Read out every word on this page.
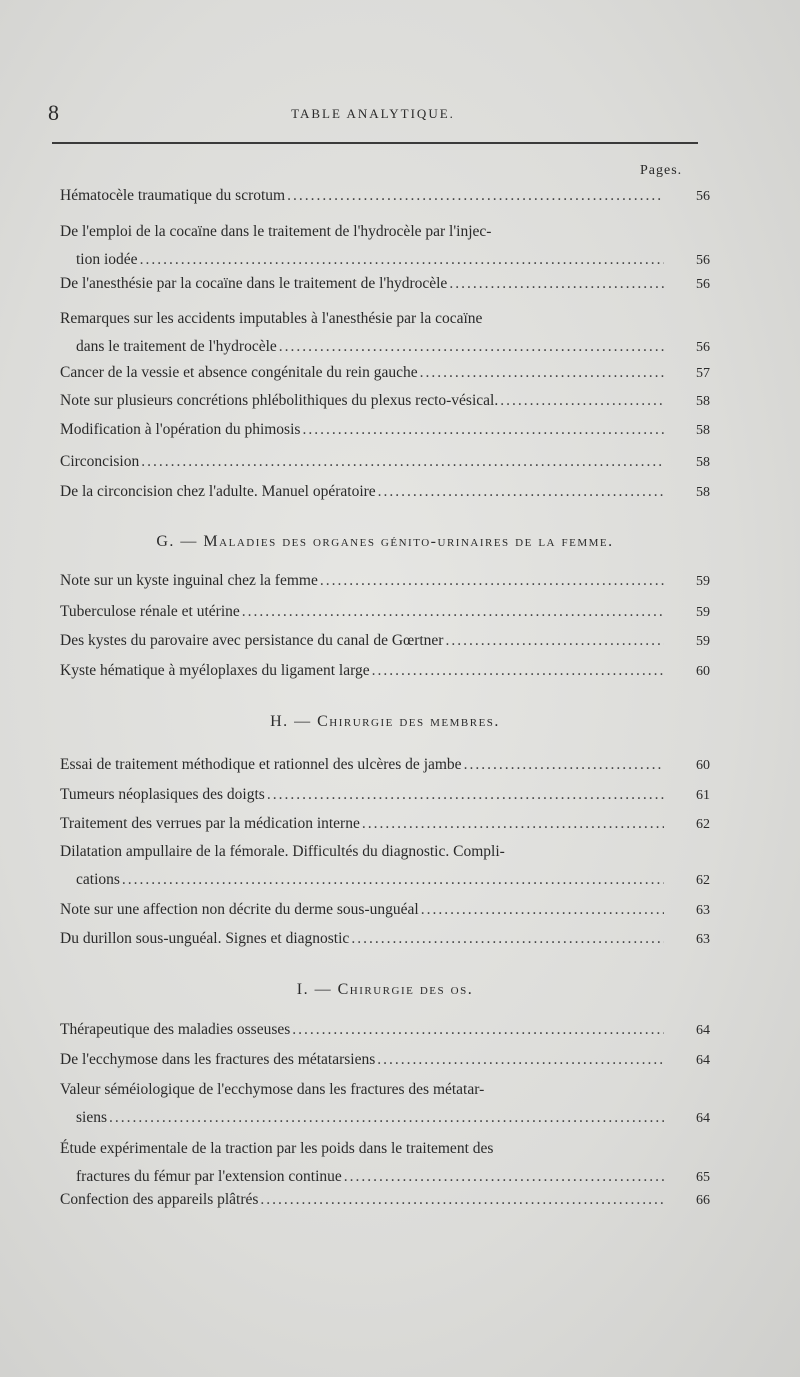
8	TABLE ANALYTIQUE.
Pages.
Hématocèle traumatique du scrotum .....	56
De l'emploi de la cocaïne dans le traitement de l'hydrocèle par l'injec-
tion iodée .....	56
De l'anesthésie par la cocaïne dans le traitement de l'hydrocèle .....	56
Remarques sur les accidents imputables à l'anesthésie par la cocaïne
dans le traitement de l'hydrocèle .....	56
Cancer de la vessie et absence congénitale du rein gauche .....	57
Note sur plusieurs concrétions phlébolithiques du plexus recto-vésical. .....	58
Modification à l'opération du phimosis .....	58
Circoncision .....	58
De la circoncision chez l'adulte. Manuel opératoire .....	58
G. — Maladies des organes génito-urinaires de la femme.
Note sur un kyste inguinal chez la femme .....	59
Tuberculose rénale et utérine .....	59
Des kystes du parovaire avec persistance du canal de Gœrtner .....	59
Kyste hématique à myéloplaxes du ligament large .....	60
H. — Chirurgie des membres.
Essai de traitement méthodique et rationnel des ulcères de jambe .....	60
Tumeurs néoplasiques des doigts .....	61
Traitement des verrues par la médication interne .....	62
Dilatation ampullaire de la fémorale. Difficultés du diagnostic. Compli-
cations .....	62
Note sur une affection non décrite du derme sous-unguéal .....	63
Du durillon sous-unguéal. Signes et diagnostic .....	63
I. — Chirurgie des os.
Thérapeutique des maladies osseuses .....	64
De l'ecchymose dans les fractures des métatarsiens .....	64
Valeur séméiologique de l'ecchymose dans les fractures des métatar-
siens .....	64
Étude expérimentale de la traction par les poids dans le traitement des
fractures du fémur par l'extension continue .....	65
Confection des appareils plâtrés .....	66
